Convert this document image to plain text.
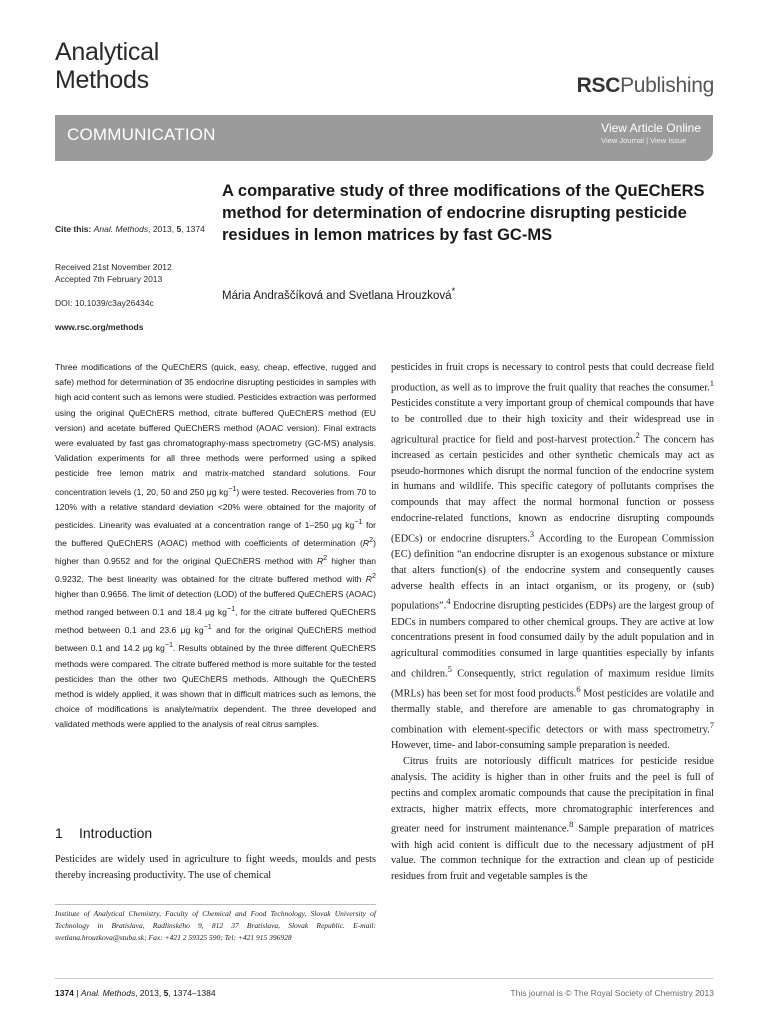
Analytical
Methods	RSCPublishing
COMMUNICATION	View Article Online
View Journal | View Issue
Cite this: Anal. Methods, 2013, 5, 1374
Received 21st November 2012
Accepted 7th February 2013
DOI: 10.1039/c3ay26434c
www.rsc.org/methods
A comparative study of three modifications of the QuEChERS method for determination of endocrine disrupting pesticide residues in lemon matrices by fast GC-MS
Mária Andraščíková and Svetlana Hrouzková*
Three modifications of the QuEChERS (quick, easy, cheap, effective, rugged and safe) method for determination of 35 endocrine disrupting pesticides in samples with high acid content such as lemons were studied. Pesticides extraction was performed using the original QuEChERS method, citrate buffered QuEChERS method (EU version) and acetate buffered QuEChERS method (AOAC version). Final extracts were evaluated by fast gas chromatography-mass spectrometry (GC-MS) analysis. Validation experiments for all three methods were performed using a spiked pesticide free lemon matrix and matrix-matched standard solutions. Four concentration levels (1, 20, 50 and 250 μg $kg^{-1}$) were tested. Recoveries from 70 to 120% with a relative standard deviation <20% were obtained for the majority of pesticides. Linearity was evaluated at a concentration range of 1–250 μg $kg^{-1}$ for the buffered QuEChERS (AOAC) method with coefficients of determination $(R^2)$ higher than 0.9552 and for the original QuEChERS method with $R^2$ higher than 0.9232. The best linearity was obtained for the citrate buffered method with $R^2$ higher than 0.9656. The limit of detection (LOD) of the buffered QuEChERS (AOAC) method ranged between 0.1 and 18.4 μg $kg^{-1}$, for the citrate buffered QuEChERS method between 0.1 and 23.6 μg $kg^{-1}$ and for the original QuEChERS method between 0.1 and 14.2 μg $kg^{-1}$. Results obtained by the three different QuEChERS methods were compared. The citrate buffered method is more suitable for the tested pesticides than the other two QuEChERS methods. Although the QuEChERS method is widely applied, it was shown that in difficult matrices such as lemons, the choice of modifications is analyte/matrix dependent. The three developed and validated methods were applied to the analysis of real citrus samples.
1 Introduction
Pesticides are widely used in agriculture to fight weeds, moulds and pests thereby increasing productivity. The use of chemical
Institute of Analytical Chemistry, Faculty of Chemical and Food Technology, Slovak University of Technology in Bratislava, Radlinského 9, 812 37 Bratislava, Slovak Republic. E-mail: svetlana.hrouzkova@stuba.sk; Fax: +421 2 59325 590; Tel: +421 915 396928

pesticides in fruit crops is necessary to control pests that could decrease field production, as well as to improve the fruit quality that reaches the consumer.$^1$ Pesticides constitute a very important group of chemical compounds that have to be controlled due to their high toxicity and their widespread use in agricultural practice for field and post-harvest protection.$^2$ The concern has increased as certain pesticides and other synthetic chemicals may act as pseudo-hormones which disrupt the normal function of the endocrine system in humans and wildlife. This specific category of pollutants comprises the compounds that may affect the normal hormonal function or possess endocrine-related functions, known as endocrine disrupting compounds (EDCs) or endocrine disrupters.$^3$ According to the European Commission (EC) definition “an endocrine disrupter is an exogenous substance or mixture that alters function(s) of the endocrine system and consequently causes adverse health effects in an intact organism, or its progeny, or (sub) populations”.$^4$ Endocrine disrupting pesticides (EDPs) are the largest group of EDCs in numbers compared to other chemical groups. They are active at low concentrations present in food consumed daily by the adult population and in agricultural commodities consumed in large quantities especially by infants and children.$^5$ Consequently, strict regulation of maximum residue limits (MRLs) has been set for most food products.$^6$ Most pesticides are volatile and thermally stable, and therefore are amenable to gas chromatography in combination with element-specific detectors or with mass spectrometry.$^7$ However, time- and labor-consuming sample preparation is needed.

Citrus fruits are notoriously difficult matrices for pesticide residue analysis. The acidity is higher than in other fruits and the peel is full of pectins and complex aromatic compounds that cause the precipitation in final extracts, higher matrix effects, more chromatographic interferences and greater need for instrument maintenance.$^8$ Sample preparation of matrices with high acid content is difficult due to the necessary adjustment of pH value. The common technique for the extraction and clean up of pesticide residues from fruit and vegetable samples is the

1374 | Anal. Methods, 2013, 5, 1374–1384	This journal is © The Royal Society of Chemistry 2013
